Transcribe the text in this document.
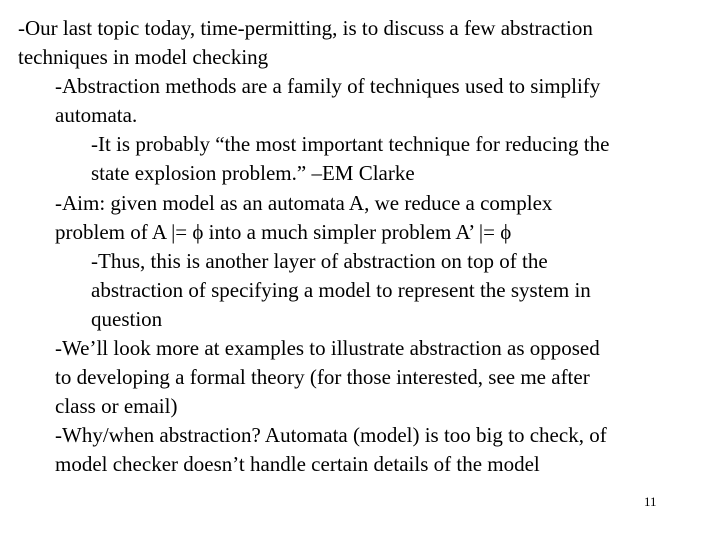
-Our last topic today, time-permitting, is to discuss a few abstraction
techniques in model checking
-Abstraction methods are a family of techniques used to simplify
automata.
-It is probably “the most important technique for reducing the
state explosion problem.” –EM Clarke
-Aim: given model as an automata A, we reduce a complex
problem of A |= ϕ into a much simpler problem A’ |= ϕ
-Thus, this is another layer of abstraction on top of the
abstraction of specifying a model to represent the system in
question
-We’ll look more at examples to illustrate abstraction as opposed
to developing a formal theory (for those interested, see me after
class or email)
-Why/when abstraction? Automata (model) is too big to check, of
model checker doesn’t handle certain details of the model
11
